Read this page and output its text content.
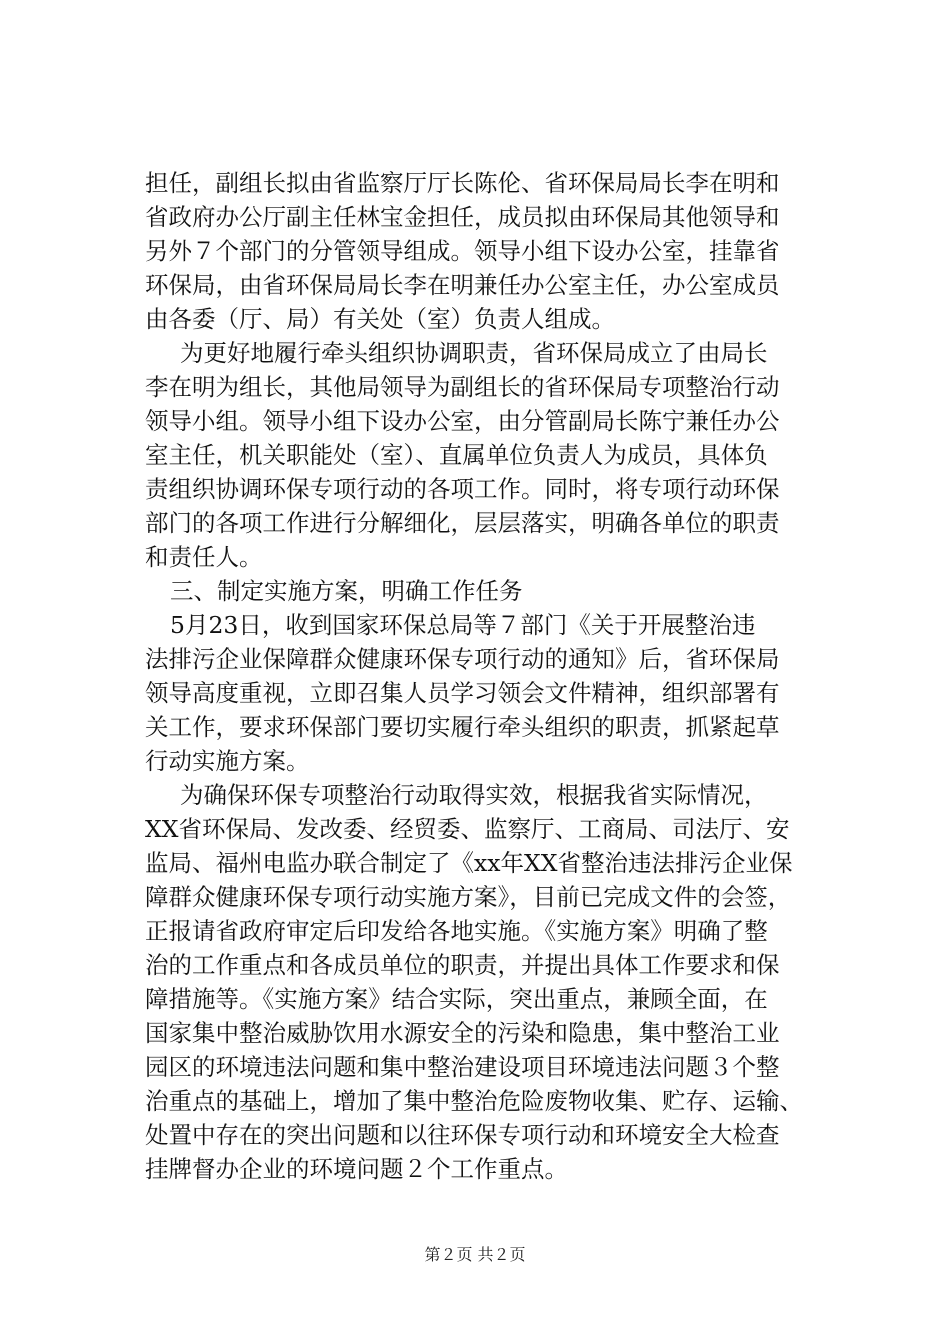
担任，副组长拟由省监察厅厅长陈伦、省环保局局长李在明和
省政府办公厅副主任林宝金担任，成员拟由环保局其他领导和
另外７个部门的分管领导组成。领导小组下设办公室，挂靠省
环保局，由省环保局局长李在明兼任办公室主任，办公室成员
由各委（厅、局）有关处（室）负责人组成。
为更好地履行牵头组织协调职责，省环保局成立了由局长
李在明为组长，其他局领导为副组长的省环保局专项整治行动
领导小组。领导小组下设办公室，由分管副局长陈宁兼任办公
室主任，机关职能处（室）、直属单位负责人为成员，具体负
责组织协调环保专项行动的各项工作。同时，将专项行动环保
部门的各项工作进行分解细化，层层落实，明确各单位的职责
和责任人。
三、制定实施方案，明确工作任务
5月23日，收到国家环保总局等７部门《关于开展整治违
法排污企业保障群众健康环保专项行动的通知》后，省环保局
领导高度重视，立即召集人员学习领会文件精神，组织部署有
关工作，要求环保部门要切实履行牵头组织的职责，抓紧起草
行动实施方案。
为确保环保专项整治行动取得实效，根据我省实际情况，
XX省环保局、发改委、经贸委、监察厅、工商局、司法厅、安
监局、福州电监办联合制定了《xx年XX省整治违法排污企业保
障群众健康环保专项行动实施方案》，目前已完成文件的会签，
正报请省政府审定后印发给各地实施。《实施方案》明确了整
治的工作重点和各成员单位的职责，并提出具体工作要求和保
障措施等。《实施方案》结合实际，突出重点，兼顾全面，在
国家集中整治威胁饮用水源安全的污染和隐患，集中整治工业
园区的环境违法问题和集中整治建设项目环境违法问题３个整
治重点的基础上，增加了集中整治危险废物收集、贮存、运输、
处置中存在的突出问题和以往环保专项行动和环境安全大检查
挂牌督办企业的环境问题２个工作重点。
第２页 共２页
